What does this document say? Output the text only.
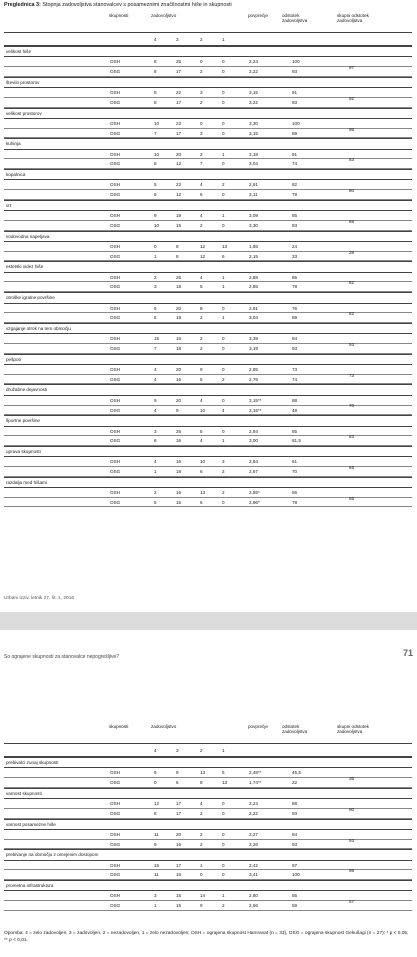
Preglednica 3: Stopnja zadovoljstva stanovalcev s posameznimi značilnostmi hiše in skupnosti
skupnosti	zadovoljstvo	povprečje	odstotek
zadovoljstva
skupni odstotek
zadovoljstva
4	3	2	1
velikost hiše
OSH	8	25	0	0	3,24	100
OSG	8	17	2	0	3,22	93
97
število prostorov
OSH	8	22	3	0	3,15	91
OSG	8	17	2	0	3,22	93
92
velikost prostorov
OSH	10	23	0	0	3,30	100
OSG	7	17	3	0	3,15	89
95
kuhinja
OSH	10	20	2	1	3,18	91
OSG	8	12	7	0	3,04	74
83
kopalnica
OSH	5	22	4	2	2,91	82
OSG	9	12	6	0	3,11	78
80
vrt
OSH	9	19	4	1	3,09	85
OSG	10	15	2	0	3,30	93
88
vodovodna napeljava
OSH	0	8	12	13	1,85	24
OSG	1	8	12	6	2,15	33
28
estetski videz hiše
OSH	2	26	4	1	2,88	85
OSG	3	18	5	1	2,85	78
82
otroške igralne površine
OSH	5	20	8	0	2,91	76
OSG	5	19	2	1	3,04	89
82
vzgajanje otrok na tem območju
OSH	15	16	2	0	3,39	94
OSG	7	18	2	0	3,19	93
93
pešpoti
OSH	4	20	9	0	2,85	73
OSG	4	16	5	2	2,78	74
73
družabne dejavnosti
OSH	9	20	4	0	3,15**	88
OSG	4	9	10	4	2,15**	48
70
športne površine
OSH	3	25	5	0	2,94	85
OSG	6	16	4	1	3,00	81,5
83
uprava skupnosti
OSH	4	16	10	3	2,64	61
OSG	1	18	6	2	2,67	70
65
razdalja med hišami
OSH	2	16	13	2	2,55*	55
OSG	5	16	6	0	2,96*	78
65
Urbani izziv, letnik 27, št. 1, 2016
So ograjene skupnosti za stanovalce nepogrešljive?	71
skupnosti	zadovoljstvo	povprečje	odstotek
zadovoljstva
skupni odstotek
zadovoljstva
4	3	2	1
prebivalci zunaj skupnosti
OSH	6	9	13	5	2,48**	45,5
OSG	0	6	8	13	1,74**	22
35
varnost skupnosti
OSH	12	17	4	0	3,24	88
OSG	8	17	2	0	3,22	93
90
varnost posamezne hiše
OSH	11	20	2	0	3,27	94
OSG	9	16	2	0	3,26	93
93
prebivanje na območju z omejenim dostopom
OSH	15	17	1	0	3,42	97
OSG	11	16	0	0	3,41	100
98
prometna infrastruktura
OSH	3	15	14	1	2,60	55
OSG	1	15	9	2	2,56	59
57
Opomba: 4 = zelo zadovoljen, 3 = zadovoljen, 2 = nezadovoljen, 1 = zelo nezadovoljen; OSH = ograjena skupnost Hamravat (n = 33), OSG = ograjena skupnost Gekušagi (n = 27); * p < 0,05, ** p < 0,01.
